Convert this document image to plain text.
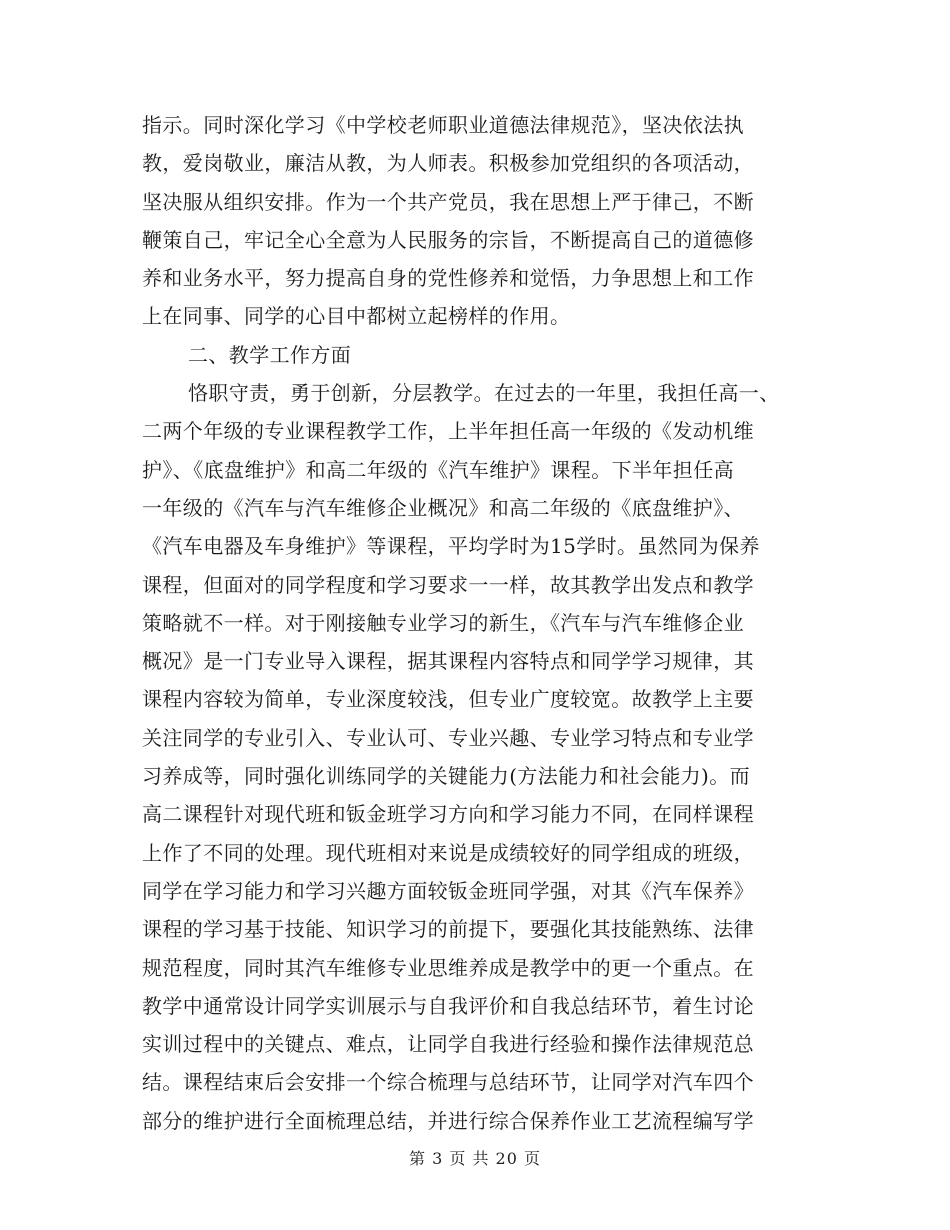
指示。同时深化学习《中学校老师职业道德法律规范》，坚决依法执
教，爱岗敬业，廉洁从教，为人师表。积极参加党组织的各项活动，
坚决服从组织安排。作为一个共产党员，我在思想上严于律己，不断
鞭策自己，牢记全心全意为人民服务的宗旨，不断提高自己的道德修
养和业务水平，努力提高自身的党性修养和觉悟，力争思想上和工作
上在同事、同学的心目中都树立起榜样的作用。
二、教学工作方面
恪职守责，勇于创新，分层教学。在过去的一年里，我担任高一、
二两个年级的专业课程教学工作，上半年担任高一年级的《发动机维
护》、《底盘维护》和高二年级的《汽车维护》课程。下半年担任高
一年级的《汽车与汽车维修企业概况》和高二年级的《底盘维护》、
《汽车电器及车身维护》等课程，平均学时为15学时。虽然同为保养
课程，但面对的同学程度和学习要求一一样，故其教学出发点和教学
策略就不一样。对于刚接触专业学习的新生，《汽车与汽车维修企业
概况》是一门专业导入课程，据其课程内容特点和同学学习规律，其
课程内容较为简单，专业深度较浅，但专业广度较宽。故教学上主要
关注同学的专业引入、专业认可、专业兴趣、专业学习特点和专业学
习养成等，同时强化训练同学的关键能力(方法能力和社会能力)。而
高二课程针对现代班和钣金班学习方向和学习能力不同，在同样课程
上作了不同的处理。现代班相对来说是成绩较好的同学组成的班级，
同学在学习能力和学习兴趣方面较钣金班同学强，对其《汽车保养》
课程的学习基于技能、知识学习的前提下，要强化其技能熟练、法律
规范程度，同时其汽车维修专业思维养成是教学中的更一个重点。在
教学中通常设计同学实训展示与自我评价和自我总结环节，着生讨论
实训过程中的关键点、难点，让同学自我进行经验和操作法律规范总
结。课程结束后会安排一个综合梳理与总结环节，让同学对汽车四个
部分的维护进行全面梳理总结，并进行综合保养作业工艺流程编写学
第 3 页 共 20 页
